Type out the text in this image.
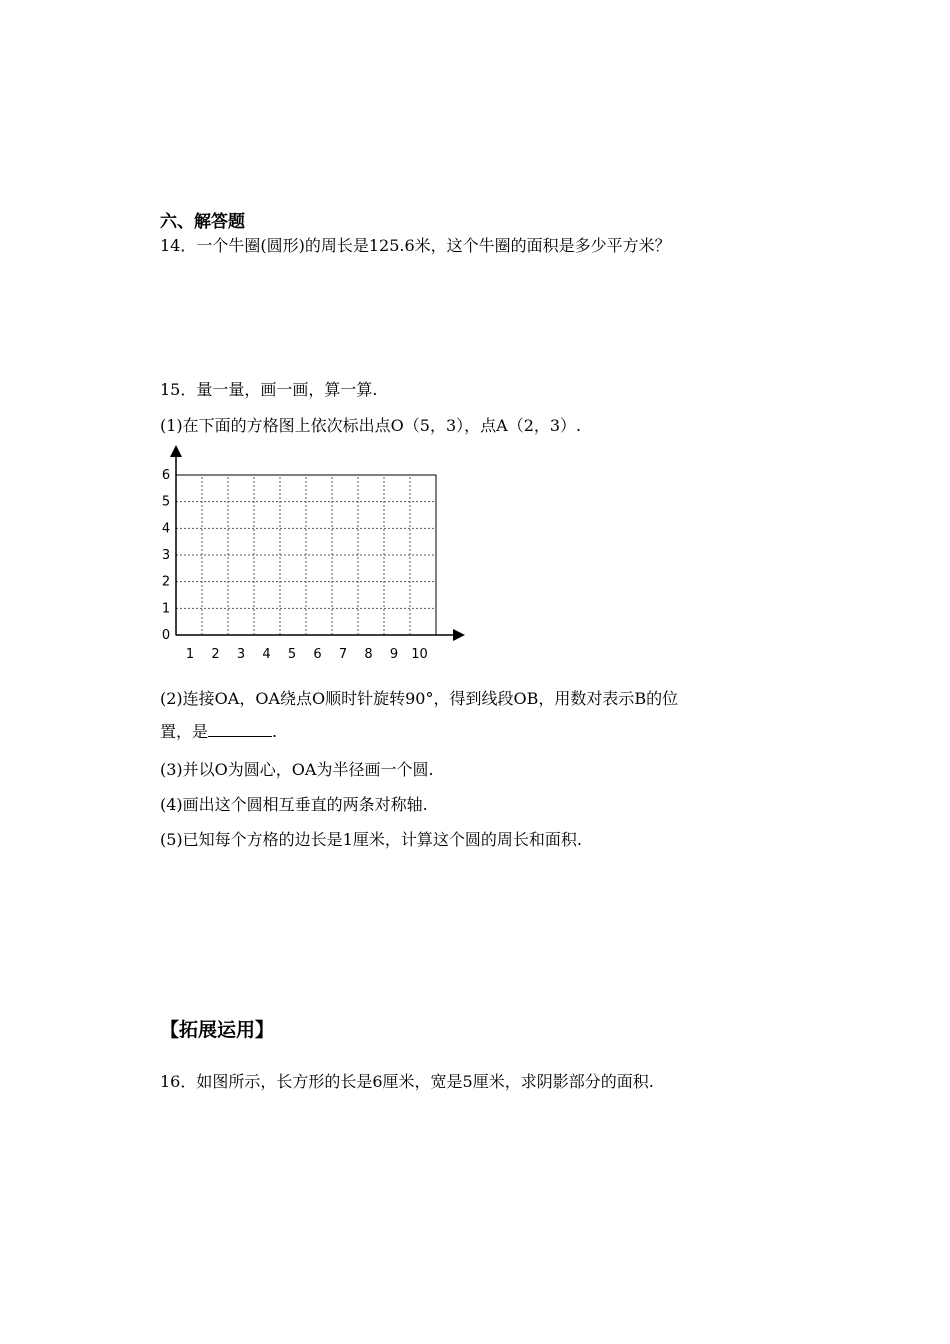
六、解答题
14．一个牛圈(圆形)的周长是125.6米，这个牛圈的面积是多少平方米？
15．量一量，画一画，算一算.
(1)在下面的方格图上依次标出点O（5，3），点A（2，3）.
1 2 3 4 5 6 7 8 9 10
0
1
2
3
4
5
6
(2)连接OA，OA绕点O顺时针旋转90°，得到线段OB，用数对表示B的位
置，是	.
(3)并以O为圆心，OA为半径画一个圆.
(4)画出这个圆相互垂直的两条对称轴.
(5)已知每个方格的边长是1厘米，计算这个圆的周长和面积.
【拓展运用】
16．如图所示，长方形的长是6厘米，宽是5厘米，求阴影部分的面积.
